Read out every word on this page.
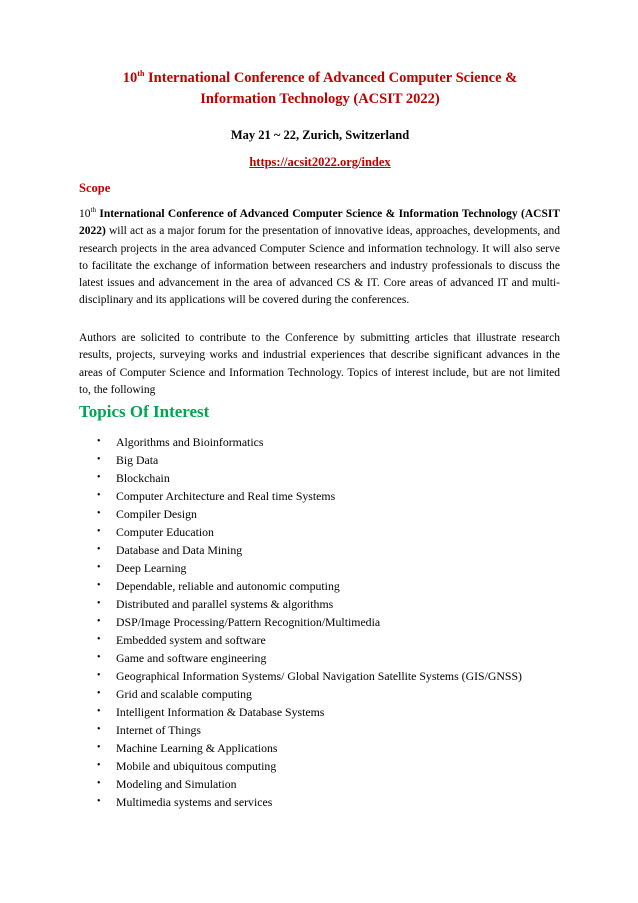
10th International Conference of Advanced Computer Science &
Information Technology (ACSIT 2022)
May 21 ~ 22, Zurich, Switzerland
https://acsit2022.org/index
Scope
10th International Conference of Advanced Computer Science & Information Technology (ACSIT 2022) will act as a major forum for the presentation of innovative ideas, approaches, developments, and research projects in the area advanced Computer Science and information technology. It will also serve to facilitate the exchange of information between researchers and industry professionals to discuss the latest issues and advancement in the area of advanced CS & IT. Core areas of advanced IT and multi-disciplinary and its applications will be covered during the conferences.
Authors are solicited to contribute to the Conference by submitting articles that illustrate research results, projects, surveying works and industrial experiences that describe significant advances in the areas of Computer Science and Information Technology. Topics of interest include, but are not limited to, the following
Topics Of Interest
• Algorithms and Bioinformatics
• Big Data
• Blockchain
• Computer Architecture and Real time Systems
• Compiler Design
• Computer Education
• Database and Data Mining
• Deep Learning
• Dependable, reliable and autonomic computing
• Distributed and parallel systems & algorithms
• DSP/Image Processing/Pattern Recognition/Multimedia
• Embedded system and software
• Game and software engineering
• Geographical Information Systems/ Global Navigation Satellite Systems (GIS/GNSS)
• Grid and scalable computing
• Intelligent Information & Database Systems
• Internet of Things
• Machine Learning & Applications
• Mobile and ubiquitous computing
• Modeling and Simulation
• Multimedia systems and services
